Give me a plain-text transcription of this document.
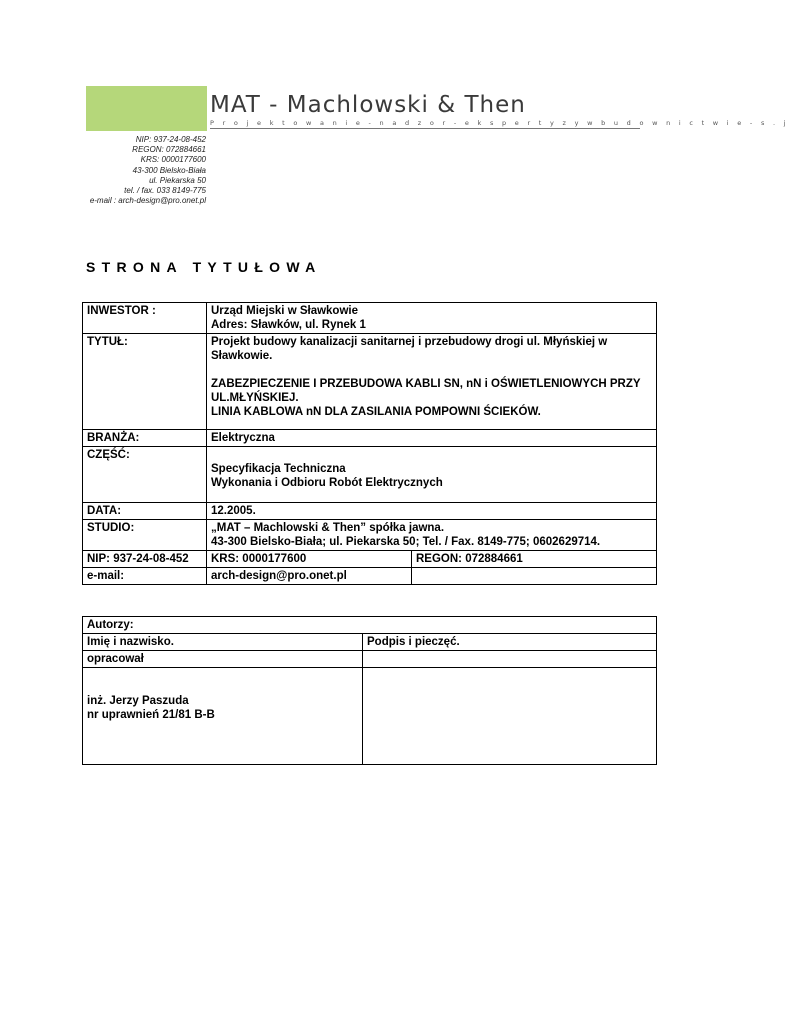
MAT - Machlowski & Then
P r o j e k t o w a n i e - n a d z o r - e k s p e r t y z y w b u d o w n i c t w i e - s . j
NIP: 937-24-08-452
REGON: 072884661
KRS: 0000177600
43-300 Bielsko-Biała
ul. Piekarska 50
tel. / fax. 033 8149-775
e-mail : arch-design@pro.onet.pl
STRONA TYTUŁOWA
INWESTOR :	Urząd Miejski w Sławkowie
Adres: Sławków, ul. Rynek 1	

TYTUŁ:	Projekt budowy kanalizacji sanitarnej i przebudowy drogi ul. Młyńskiej w Sławkowie.
ZABEZPIECZENIE I PRZEBUDOWA KABLI SN, nN i OŚWIETLENIOWYCH PRZY UL.MŁYŃSKIEJ.
LINIA KABLOWA nN DLA ZASILANIA POMPOWNI ŚCIEKÓW.	

BRANŻA:	Elektryczna	
CZĘŚĆ:	Specyfikacja Techniczna
Wykonania i Odbioru Robót Elektrycznych	

DATA:	12.2005.	
STUDIO:	„MAT – Machlowski & Then” spółka jawna.
43-300 Bielsko-Biała; ul. Piekarska 50; Tel. / Fax. 8149-775; 0602629714.	

NIP: 937-24-08-452	KRS: 0000177600	REGON: 072884661
e-mail:	arch-design@pro.onet.pl	
Autorzy:	
Imię i nazwisko.	Podpis i pieczęć.
opracował	

inż. Jerzy Paszuda
nr uprawnień 21/81 B-B	
